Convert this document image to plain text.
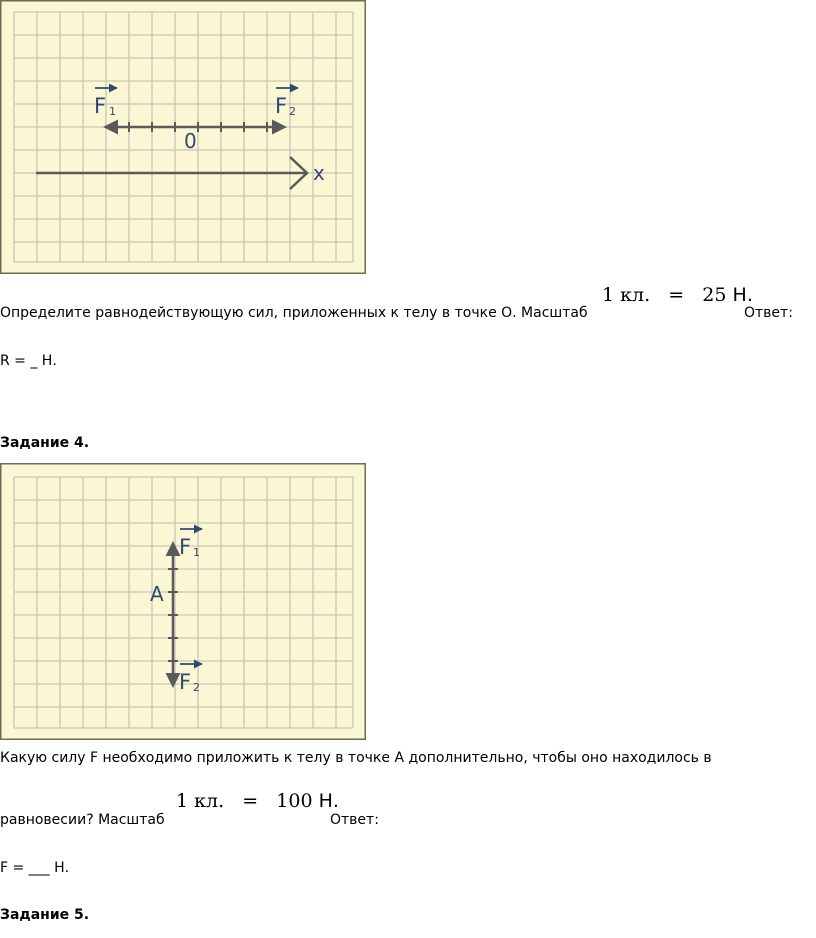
F 1	F 2
0
x
Определите равнодействующую сил, приложенных к телу в точке О. Масштаб
1 кл. = 25 Н.
Ответ:
R = _ Н.
Задание 4.
F 1
F 2
A
Какую силу F необходимо приложить к телу в точке А дополнительно, чтобы оно находилось в
равновесии? Масштаб
1 кл. = 100 Н.
Ответ:
F = ___ Н.
Задание 5.
